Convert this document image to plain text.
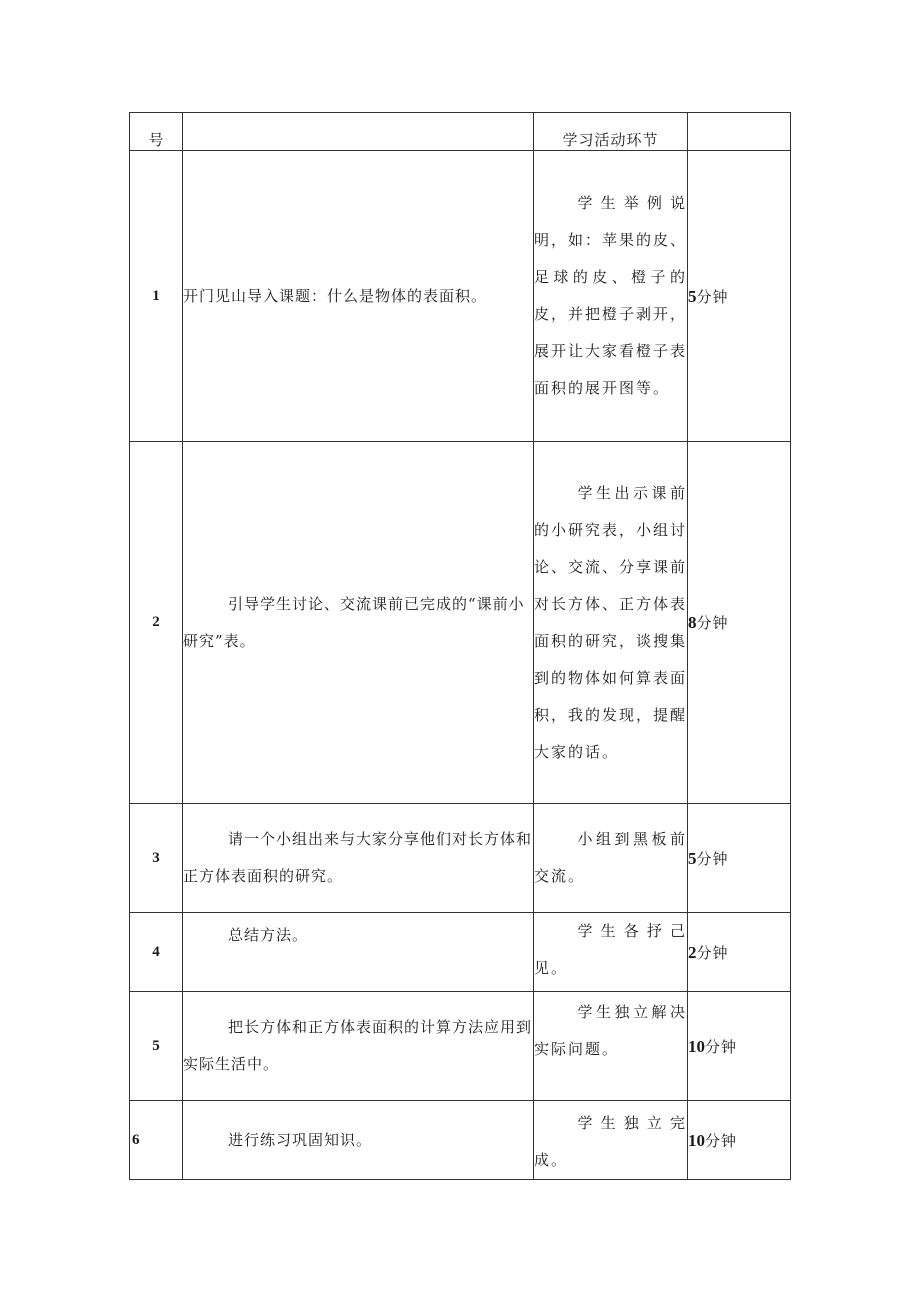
号		学习活动环节	
1	开门见山导入课题：什么是物体的表面积。	学生举例说明，如：苹果的皮、足球的皮、橙子的皮，并把橙子剥开，展开让大家看橙子表面积的展开图等。	5分钟
2	引导学生讨论、交流课前已完成的“课前小研究”表。	学生出示课前的小研究表，小组讨论、交流、分享课前对长方体、正方体表面积的研究，谈搜集到的物体如何算表面积，我的发现，提醒大家的话。	8分钟
3	请一个小组出来与大家分享他们对长方体和正方体表面积的研究。	小组到黑板前交流。	5分钟
4	总结方法。	学生各抒己见。	2分钟
5	把长方体和正方体表面积的计算方法应用到实际生活中。	学生独立解决实际问题。	10分钟
6	进行练习巩固知识。	学生独立完成。	10分钟
